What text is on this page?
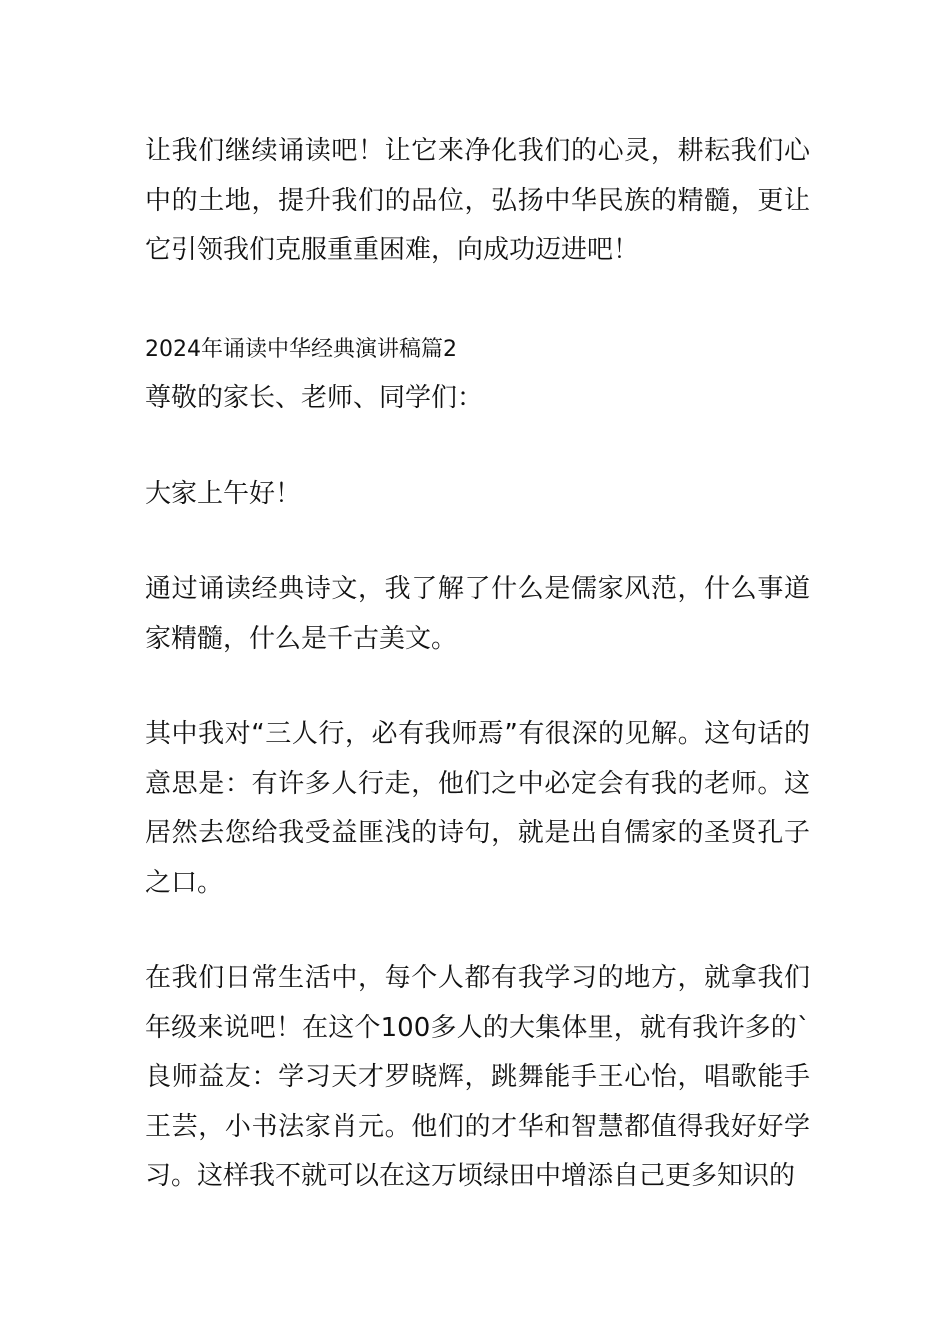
让我们继续诵读吧！让它来净化我们的心灵，耕耘我们心中的土地，提升我们的品位，弘扬中华民族的精髓，更让它引领我们克服重重困难，向成功迈进吧！

2024年诵读中华经典演讲稿篇2

尊敬的家长、老师、同学们：

大家上午好！

通过诵读经典诗文，我了解了什么是儒家风范，什么事道家精髓，什么是千古美文。

其中我对“三人行，必有我师焉”有很深的见解。这句话的意思是：有许多人行走，他们之中必定会有我的老师。这居然去您给我受益匪浅的诗句，就是出自儒家的圣贤孔子之口。

在我们日常生活中，每个人都有我学习的地方，就拿我们年级来说吧！在这个100多人的大集体里，就有我许多的`良师益友：学习天才罗晓辉，跳舞能手王心怡，唱歌能手王芸，小书法家肖元。他们的才华和智慧都值得我好好学习。这样我不就可以在这万顷绿田中增添自己更多知识的
